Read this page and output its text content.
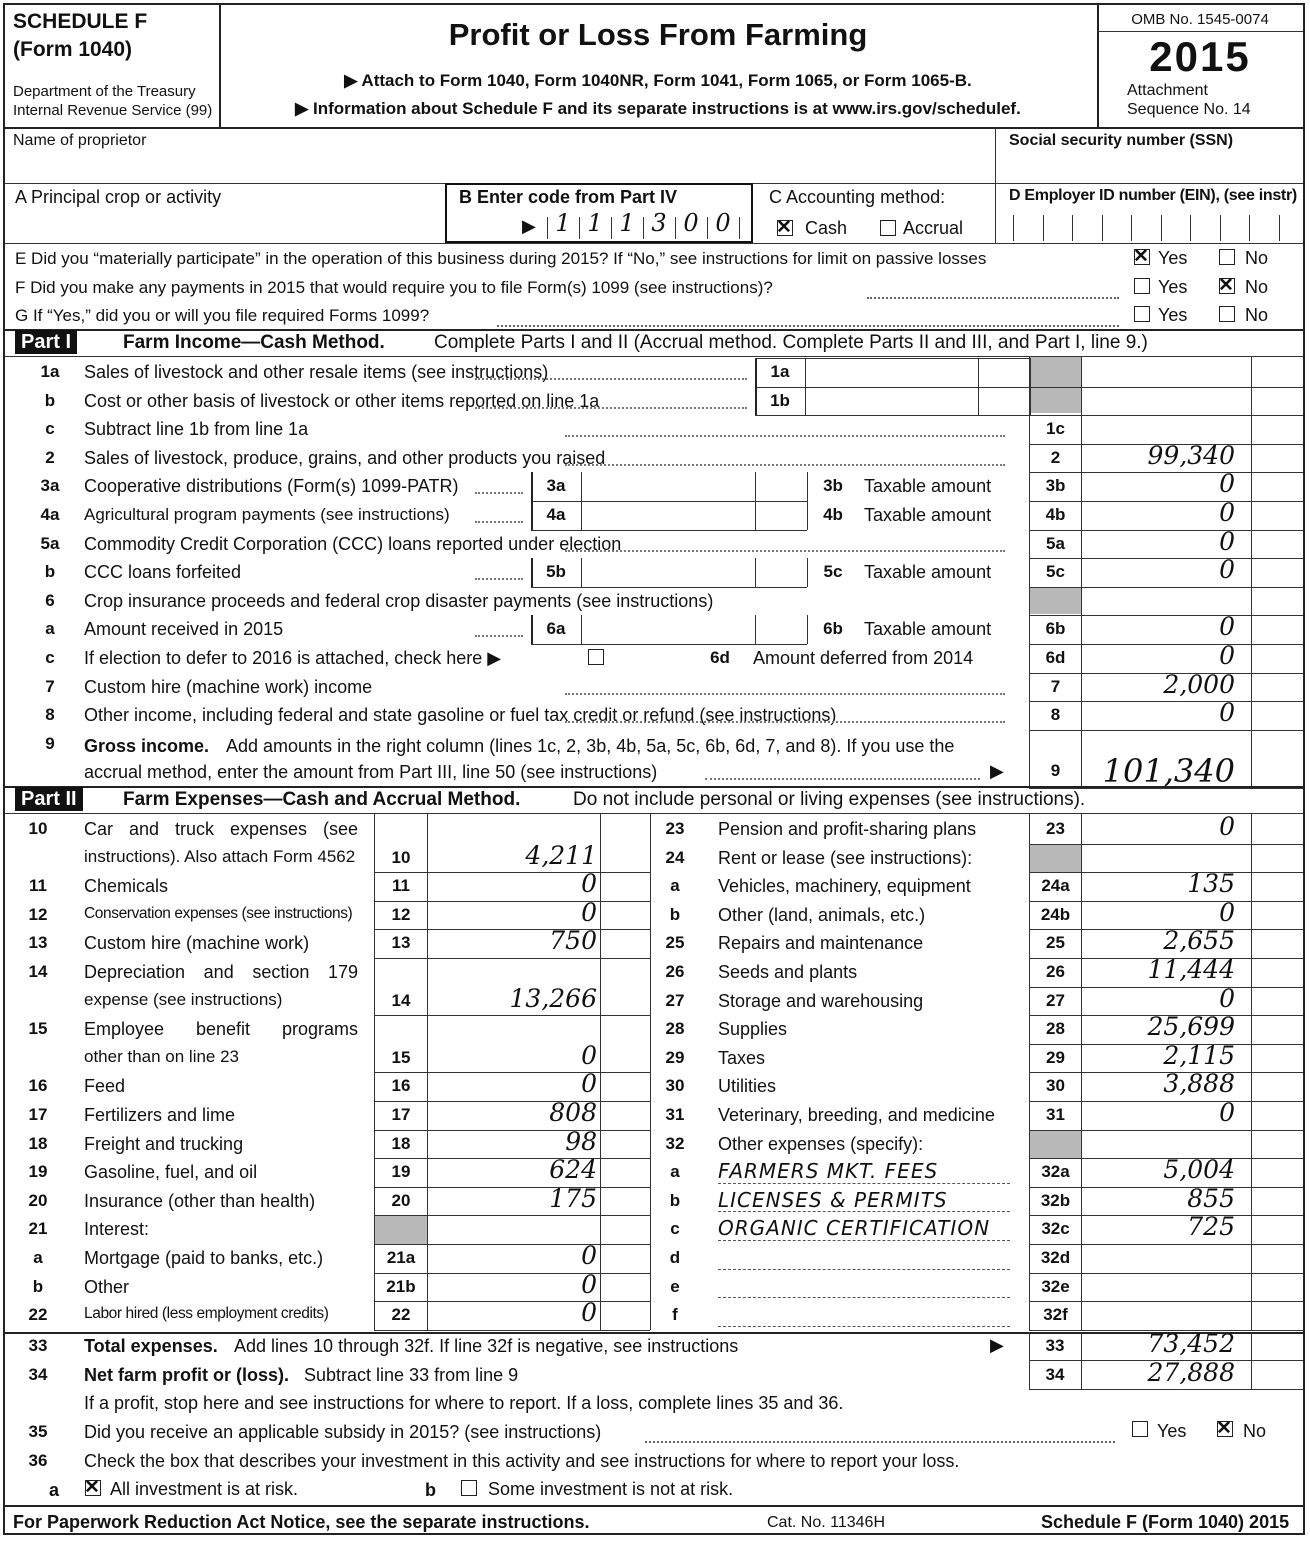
SCHEDULE F
(Form 1040)
Department of the Treasury
Internal Revenue Service (99)
Profit or Loss From Farming
▶ Attach to Form 1040, Form 1040NR, Form 1041, Form 1065, or Form 1065-B.
▶ Information about Schedule F and its separate instructions is at www.irs.gov/schedulef.
OMB No. 1545-0074
2015
Attachment
Sequence No. 14
Name of proprietor	Social security number (SSN)
A Principal crop or activity	B Enter code from Part IV
▶ 1 1 1 3 0 0
C Accounting method:
✕
Cash	Accrual
D Employer ID number (EIN), (see instr)
E Did you “materially participate” in the operation of this business during 2015? If “No,” see instructions for limit on passive losses
F Did you make any payments in 2015 that would require you to file Form(s) 1099 (see instructions)?
G If “Yes,” did you or will you file required Forms 1099?
✕
Yes	No
Yes ✕	No
Yes	No
Part I	Farm Income—Cash Method.	Complete Parts I and II (Accrual method. Complete Parts II and III, and Part I, line 9.)
1a	Sales of livestock and other resale items (see instructions)	1a
b	Cost or other basis of livestock or other items reported on line 1a	1b
c	Subtract line 1b from line 1a	1c
2	Sales of livestock, produce, grains, and other products you raised	2	99,340
3a	Cooperative distributions (Form(s) 1099-PATR)	3a	3b	Taxable amount	3b	0
4a	Agricultural program payments (see instructions)	4a	4b	Taxable amount	4b	0
5a	Commodity Credit Corporation (CCC) loans reported under election	5a	0
b	CCC loans forfeited	5b	5c	Taxable amount	5c	0
6	Crop insurance proceeds and federal crop disaster payments (see instructions)
a	Amount received in 2015	6a	6b	Taxable amount	6b	0
c	If election to defer to 2016 is attached, check here ▶	6d	Amount deferred from 2014	6d	0
7	Custom hire (machine work) income	7	2,000
8	Other income, including federal and state gasoline or fuel tax credit or refund (see instructions)	8	0
9	Gross income. Add amounts in the right column (lines 1c, 2, 3b, 4b, 5a, 5c, 6b, 6d, 7, and 8). If you use the
accrual method, enter the amount from Part III, line 50 (see instructions)	▶	9	101,340
Part II	Farm Expenses—Cash and Accrual Method.	Do not include personal or living expenses (see instructions).
10	Car and truck expenses (see
instructions). Also attach Form 4562	10	4,211
11	Chemicals	11	0
12	Conservation expenses (see instructions)	12	0
13	Custom hire (machine work)	13	750
14	Depreciation and section 179
expense (see instructions)	14	13,266
15	Employee benefit programs
other than on line 23	15	0
16	Feed	16	0
17	Fertilizers and lime	17	808
18	Freight and trucking	18	98
19	Gasoline, fuel, and oil	19	624
20	Insurance (other than health)	20	175
21	Interest:
a	Mortgage (paid to banks, etc.)	21a	0
b	Other	21b	0
22	Labor hired (less employment credits)	22	0
23	Pension and profit-sharing plans	23	0
24	Rent or lease (see instructions):
a	Vehicles, machinery, equipment	24a	135
b	Other (land, animals, etc.)	24b	0
25	Repairs and maintenance	25	2,655
26	Seeds and plants	26	11,444
27	Storage and warehousing	27	0
28	Supplies	28	25,699
29	Taxes	29	2,115
30	Utilities	30	3,888
31	Veterinary, breeding, and medicine	31	0
32	Other expenses (specify):
a	FARMERS MKT. FEES	32a	5,004
b	LICENSES & PERMITS	32b	855
c	ORGANIC CERTIFICATION	32c	725
d	32d
e	32e
f	32f
33	Total expenses. Add lines 10 through 32f. If line 32f is negative, see instructions	▶	33	73,452
34	Net farm profit or (loss). Subtract line 33 from line 9	34	27,888
If a profit, stop here and see instructions for where to report. If a loss, complete lines 35 and 36.
35	Did you receive an applicable subsidy in 2015? (see instructions)	Yes ✕	No
36	Check the box that describes your investment in this activity and see instructions for where to report your loss.
a ✕	All investment is at risk.	b	Some investment is not at risk.
For Paperwork Reduction Act Notice, see the separate instructions.	Cat. No. 11346H	Schedule F (Form 1040) 2015
